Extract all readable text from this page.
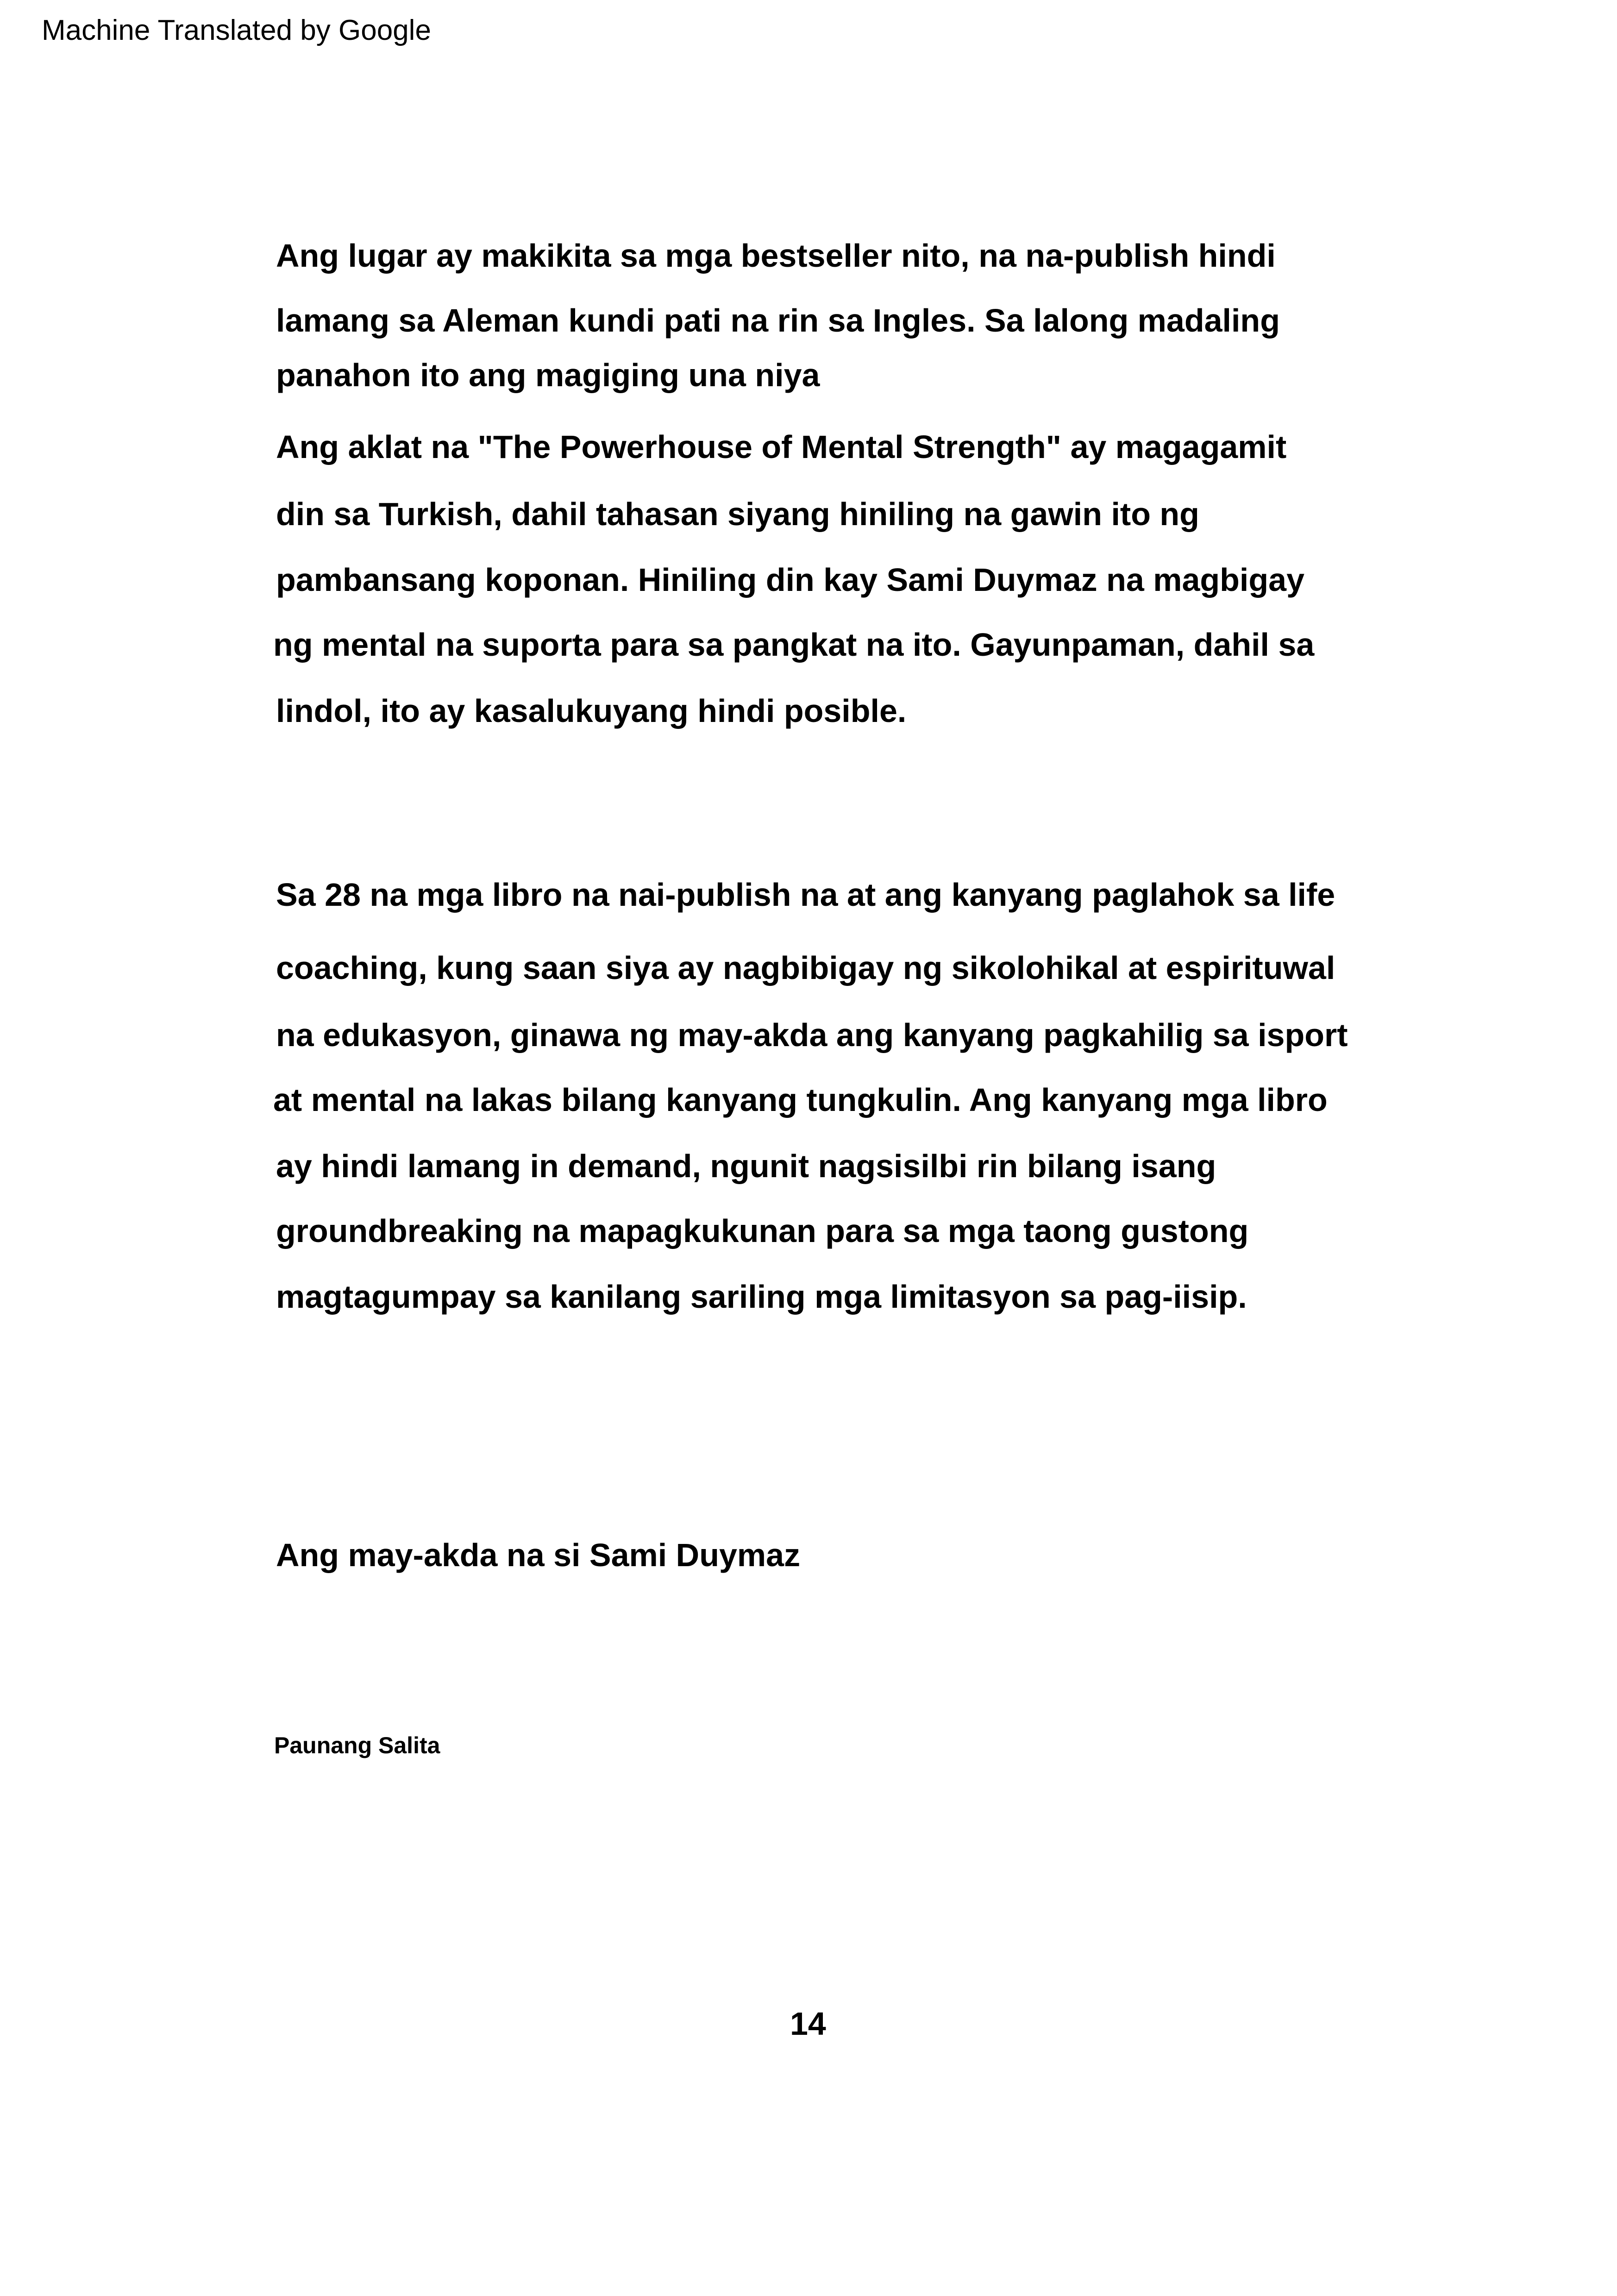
Machine Translated by Google
Ang lugar ay makikita sa mga bestseller nito, na na-publish hindi
lamang sa Aleman kundi pati na rin sa Ingles. Sa lalong madaling
panahon ito ang magiging una niya
Ang aklat na "The Powerhouse of Mental Strength" ay magagamit
din sa Turkish, dahil tahasan siyang hiniling na gawin ito ng
pambansang koponan. Hiniling din kay Sami Duymaz na magbigay
ng mental na suporta para sa pangkat na ito. Gayunpaman, dahil sa
lindol, ito ay kasalukuyang hindi posible.
Sa 28 na mga libro na nai-publish na at ang kanyang paglahok sa life
coaching, kung saan siya ay nagbibigay ng sikolohikal at espirituwal
na edukasyon, ginawa ng may-akda ang kanyang pagkahilig sa isport
at mental na lakas bilang kanyang tungkulin. Ang kanyang mga libro
ay hindi lamang in demand, ngunit nagsisilbi rin bilang isang
groundbreaking na mapagkukunan para sa mga taong gustong
magtagumpay sa kanilang sariling mga limitasyon sa pag-iisip.
Ang may-akda na si Sami Duymaz
Paunang Salita
14
